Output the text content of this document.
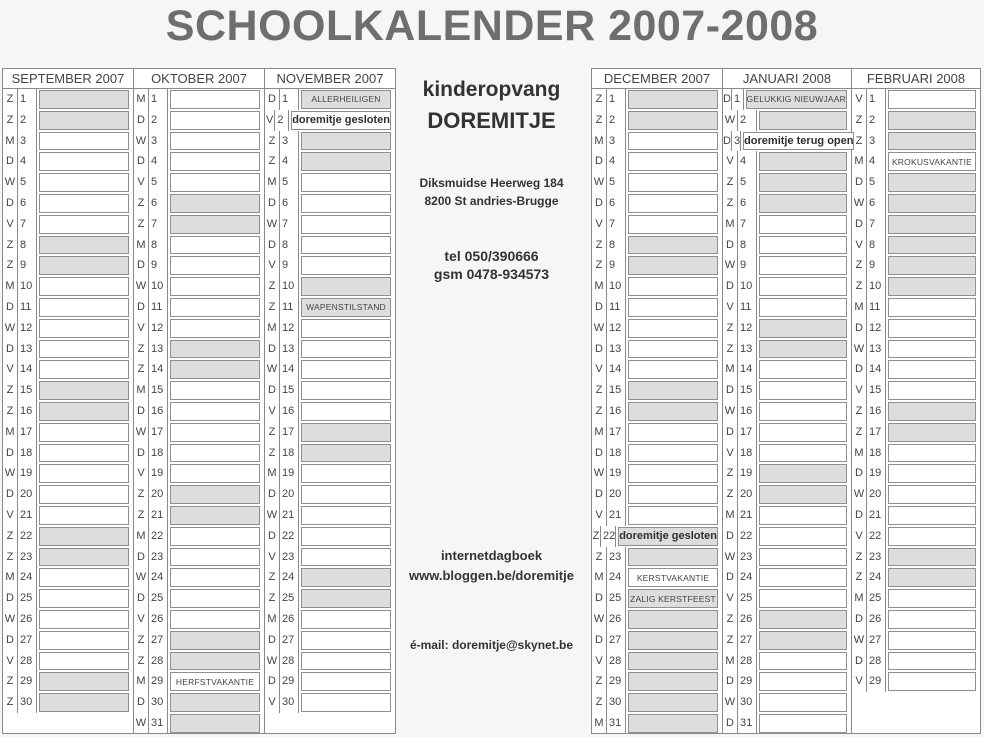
SCHOOLKALENDER 2007-2008
SEPTEMBER 2007
Z 1
Z 2
M 3
D 4
W 5
D 6
V 7
Z 8
Z 9
M 10
D 11
W 12
D 13
V 14
Z 15
Z 16
M 17
D 18
W 19
D 20
V 21
Z 22
Z 23
M 24
D 25
W 26
D 27
V 28
Z 29
Z 30
OKTOBER 2007
M 1
D 2
W 3
D 4
V 5
Z 6
Z 7
M 8
D 9
W 10
D 11
V 12
Z 13
Z 14
M 15
D 16
W 17
D 18
V 19
Z 20
Z 21
M 22
D 23
W 24
D 25
V 26
Z 27
Z 28
M 29	HERFSTVAKANTIE
D 30
W 31
NOVEMBER 2007
D 1	ALLERHEILIGEN
V 2 doremitje gesloten
Z 3
Z 4
M 5
D 6
W 7
D 8
V 9
Z 10
Z 11	WAPENSTILSTAND
M 12
D 13
W 14
D 15
V 16
Z 17
Z 18
M 19
D 20
W 21
D 22
V 23
Z 24
Z 25
M 26
D 27
W 28
D 29
V 30
kinderopvang
DOREMITJE
Diksmuidse Heerweg 184
8200 St andries-Brugge
tel 050/390666
gsm 0478-934573
internetdagboek
www.bloggen.be/doremitje
é-mail: doremitje@skynet.be
DECEMBER 2007
Z 1
Z 2
M 3
D 4
W 5
D 6
V 7
Z 8
Z 9
M 10
D 11
W 12
D 13
V 14
Z 15
Z 16
M 17
D 18
W 19
D 20
V 21
Z 22 doremitje gesloten
Z 23
M 24	KERSTVAKANTIE
D 25	ZALIG KERSTFEEST
W 26
D 27
V 28
Z 29
Z 30
M 31
JANUARI 2008
D 1 GELUKKIG NIEUWJAAR
W 2
D 3 doremitje terug open
V 4
Z 5
Z 6
M 7
D 8
W 9
D 10
V 11
Z 12
Z 13
M 14
D 15
W 16
D 17
V 18
Z 19
Z 20
M 21
D 22
W 23
D 24
V 25
Z 26
Z 27
M 28
D 29
W 30
D 31
FEBRUARI 2008
V 1
Z 2
Z 3
M 4	KROKUSVAKANTIE
D 5
W 6
D 7
V 8
Z 9
Z 10
M 11
D 12
W 13
D 14
V 15
Z 16
Z 17
M 18
D 19
W 20
D 21
V 22
Z 23
Z 24
M 25
D 26
W 27
D 28
V 29
